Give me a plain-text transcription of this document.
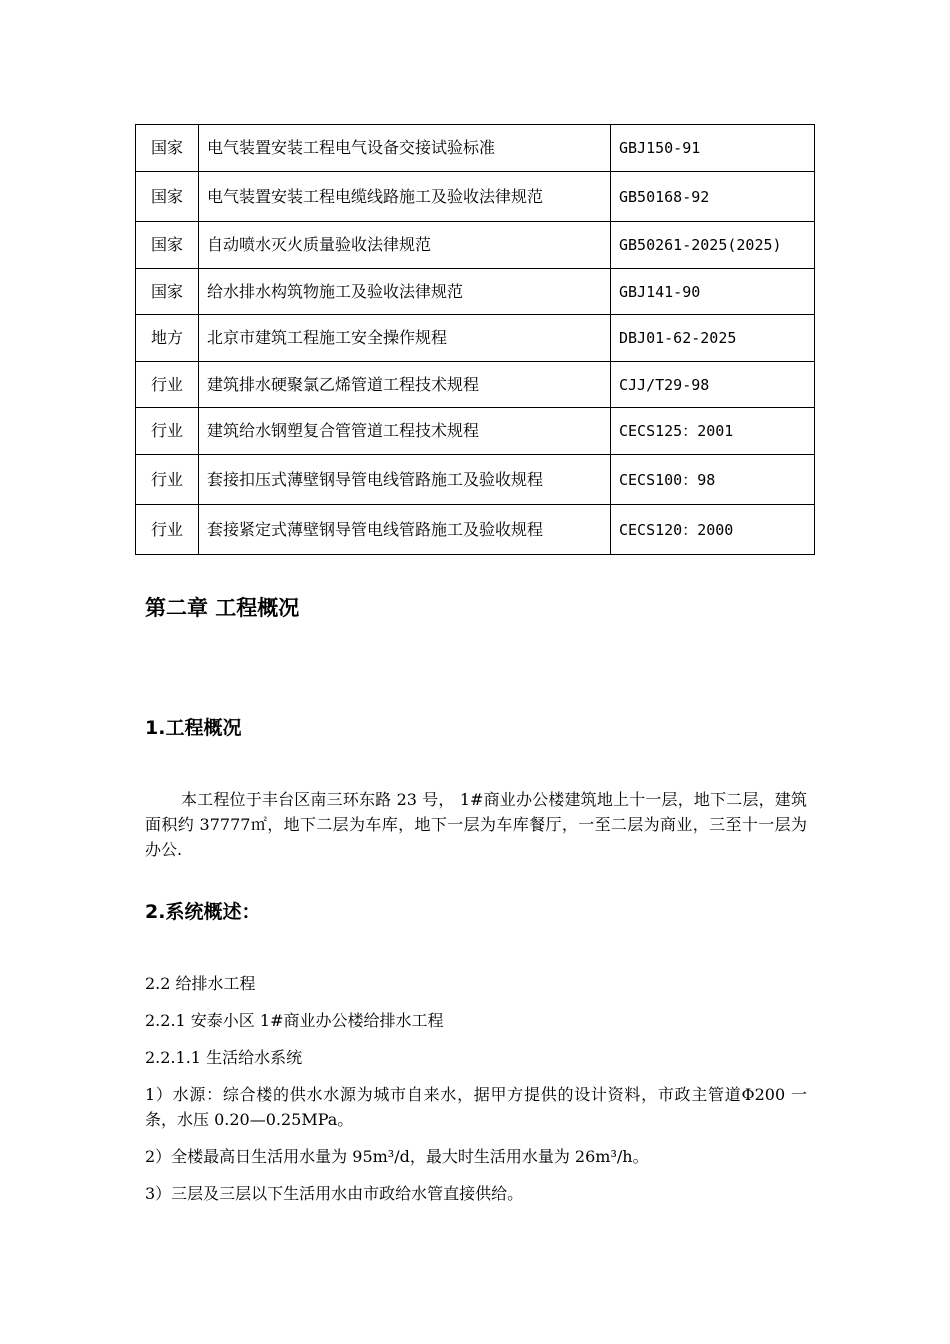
国家	电气装置安装工程电气设备交接试验标准	GBJ150-91
国家	电气装置安装工程电缆线路施工及验收法律规范	GB50168-92
国家	自动喷水灭火质量验收法律规范	GB50261-2025(2025)
国家	给水排水构筑物施工及验收法律规范	GBJ141-90
地方	北京市建筑工程施工安全操作规程	DBJ01-62-2025
行业	建筑排水硬聚氯乙烯管道工程技术规程	CJJ/T29-98
行业	建筑给水钢塑复合管管道工程技术规程	CECS125：2001
行业	套接扣压式薄壁钢导管电线管路施工及验收规程	CECS100：98
行业	套接紧定式薄壁钢导管电线管路施工及验收规程	CECS120：2000
第二章 工程概况
1.工程概况

本工程位于丰台区南三环东路 23 号， 1#商业办公楼建筑地上十一层，地下二层，建筑面积约 37777㎡，地下二层为车库，地下一层为车库餐厅，一至二层为商业，三至十一层为办公.

2.系统概述：

2.2 给排水工程

2.2.1 安泰小区 1#商业办公楼给排水工程

2.2.1.1 生活给水系统

1）水源：综合楼的供水水源为城市自来水，据甲方提供的设计资料，市政主管道Φ200 一条，水压 0.20—0.25MPa。

2）全楼最高日生活用水量为 95m³/d，最大时生活用水量为 26m³/h。

3）三层及三层以下生活用水由市政给水管直接供给。
